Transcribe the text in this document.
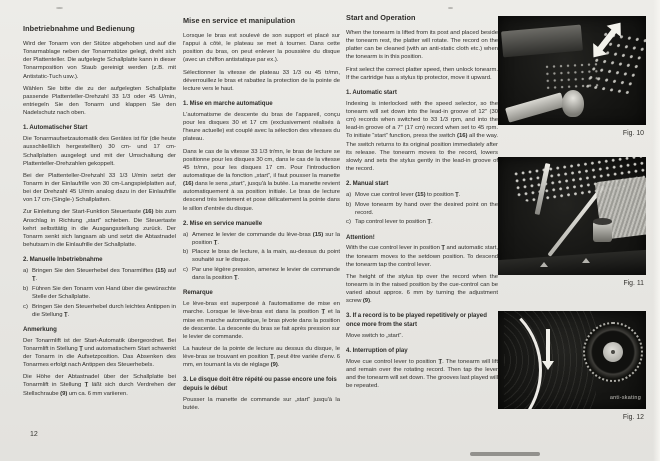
Inbetriebnahme und Bedienung
Wird der Tonarm von der Stütze abgehoben und auf die Tonarmablage neben der Tonarmstütze gelegt, dreht sich der Plattenteller. Die aufgelegte Schallplatte kann in dieser Tonarmposition von Staub gereinigt werden (z.B. mit Antistatic-Tuch usw.).
Wählen Sie bitte die zu der aufgelegten Schallplatte passende Plattenteller-Drehzahl 33 1/3 oder 45 U/min, entriegeln Sie den Tonarm und klappen Sie den Nadelschutz nach oben.
1. Automatischer Start
Die Tonarmaufsetzautomatik des Gerätes ist für (die heute ausschließlich hergestellten) 30 cm- und 17 cm-Schallplatten ausgelegt und mit der Umschaltung der Plattenteller-Drehzahlen gekoppelt.
Bei der Plattenteller-Drehzahl 33 1/3 U/min setzt der Tonarm in der Einlaufrille von 30 cm-Langspielplatten auf, bei der Drehzahl 45 U/min analog dazu in der Einlaufrille von 17 cm-(Single-) Schallplatten.
Zur Einleitung der Start-Funktion Steuertaste (16) bis zum Anschlag in Richtung „start“ schieben. Die Steuertaste kehrt selbsttätig in die Ausgangsstellung zurück. Der Tonarm senkt sich langsam ab und setzt die Abtastnadel behutsam in die Einlaufrille der Schallplatte.
2. Manuelle Inbetriebnahme
a) Bringen Sie den Steuerhebel des Tonarmliftes (15) auf Ṯ.
b) Führen Sie den Tonarm von Hand über die gewünschte Stelle der Schallplatte.
c) Bringen Sie den Steuerhebel durch leichtes Antippen in die Stellung Ṯ.
Anmerkung
Der Tonarmlift ist der Start-Automatik übergeordnet. Bei Tonarmlift in Stellung Ṯ und automatischem Start schwenkt der Tonarm in die Aufsetzposition. Das Absenken des Tonarmes erfolgt nach Antippen des Steuerhebels.
Die Höhe der Abtastnadel über der Schallplatte bei Tonarmlift in Stellung Ṯ läßt sich durch Verdrehen der Stellschraube (9) um ca. 6 mm variieren.
Mise en service et manipulation
Lorsque le bras est soulevé de son support et placé sur l'appui à côté, le plateau se met à tourner. Dans cette position du bras, on peut enlever la poussière du disque (avec un chiffon antistatique par ex.).
Sélectionner la vitesse de plateau 33 1/3 ou 45 tr/mn, déverrouillez le bras et rabattez la protection de la pointe de lecture vers le haut.
1. Mise en marche automatique
L'automatisme de descente du bras de l'appareil, conçu pour les disques 30 et 17 cm (exclusivement réalisés à l'heure actuelle) est couplé avec la sélection des vitesses du plateau.
Dans le cas de la vitesse 33 1/3 tr/mn, le bras de lecture se positionne pour les disques 30 cm, dans le cas de la vitesse 45 tr/mn, pour les disques 17 cm. Pour l'introduction automatique de la fonction „start“, il faut pousser la manette (16) dans le sens „start“, jusqu'à la butée. La manette revient automatiquement à sa position initiale. Le bras de lecture descend très lentement et pose délicatement la pointe dans le sillon d'entrée du disque.
2. Mise en service manuelle
a) Amenez le levier de commande du lève-bras (15) sur la position Ṯ.
b) Placez le bras de lecture, à la main, au-dessus du point souhaité sur le disque.
c) Par une légère pression, amenez le levier de commande dans la position Ṯ.
Remarque
Le lève-bras est superposé à l'automatisme de mise en marche. Lorsque le lève-bras est dans la position Ṯ et la mise en marche automatique, le bras pivote dans la position de descente. La descente du bras se fait après pression sur le levier de commande.
La hauteur de la pointe de lecture au dessus du disque, le lève-bras se trouvant en position Ṯ, peut être variée d'env. 6 mm, en tournant la vis de réglage (9).
3. Le disque doit être répété ou passe encore une fois depuis le début
Pousser la manette de commande sur „start“ jusqu'à la butée.
Start and Operation
When the tonearm is lifted from its post and placed beside the tonearm rest, the platter will rotate. The record on the platter can be cleaned (with an anti-static cloth etc.) when the tonearm is in this position.
First select the correct platter speed, then unlock tonearm. If the cartridge has a stylus tip protector, move it upward.
1. Automatic start
Indexing is interlocked with the speed selector, so the tonearm will set down into the lead-in groove of 12″ (30 cm) records when switched to 33 1/3 rpm, and into the lead-in groove of a 7″ (17 cm) record when set to 45 rpm. To initiate “start” function, press the switch (16) all the way. The switch returns to its original position immediately after its release. The tonearm moves to the record, lowers slowly and sets the stylus gently in the lead-in groove of the record.
2. Manual start
a) Move cue control lever (15) to position Ṯ.
b) Move tonearm by hand over the desired point on the record.
c) Tap control lever to position Ṯ.
Attention!
With the cue control lever in position Ṯ and automatic start, the tonearm moves to the setdown position. To descend the tonearm tap the control lever.
The height of the stylus tip over the record when the tonearm is in the raised position by the cue-control can be varied about approx. 6 mm by turning the adjustment screw (9).
3. If a record is to be played repetitively or played once more from the start
Move switch to „start“.
4. Interruption of play
Move cue control lever to position Ṯ. The tonearm will lift and remain over the rotating record. Then tap the lever and the tonearm will set down. The grooves last played will be repeated.
Fig. 10
Fig. 11
anti-skating
Fig. 12
12
